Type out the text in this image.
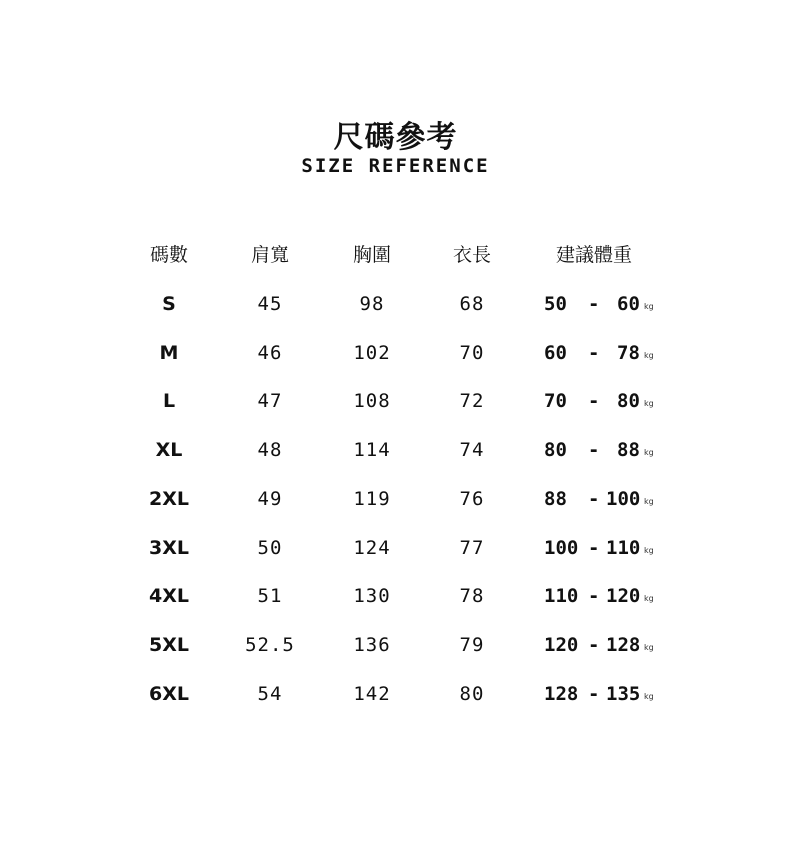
尺碼參考
SIZE REFERENCE
碼數	肩寬	胸圍	衣長	建議體重
S	45	98	68	50 - 60 kg
M	46	102	70	60 - 78 kg
L	47	108	72	70 - 80 kg
XL	48	114	74	80 - 88 kg
2XL	49	119	76	88 - 100 kg
3XL	50	124	77	100 - 110 kg
4XL	51	130	78	110 - 120 kg
5XL	52.5	136	79	120 - 128 kg
6XL	54	142	80	128 - 135 kg
